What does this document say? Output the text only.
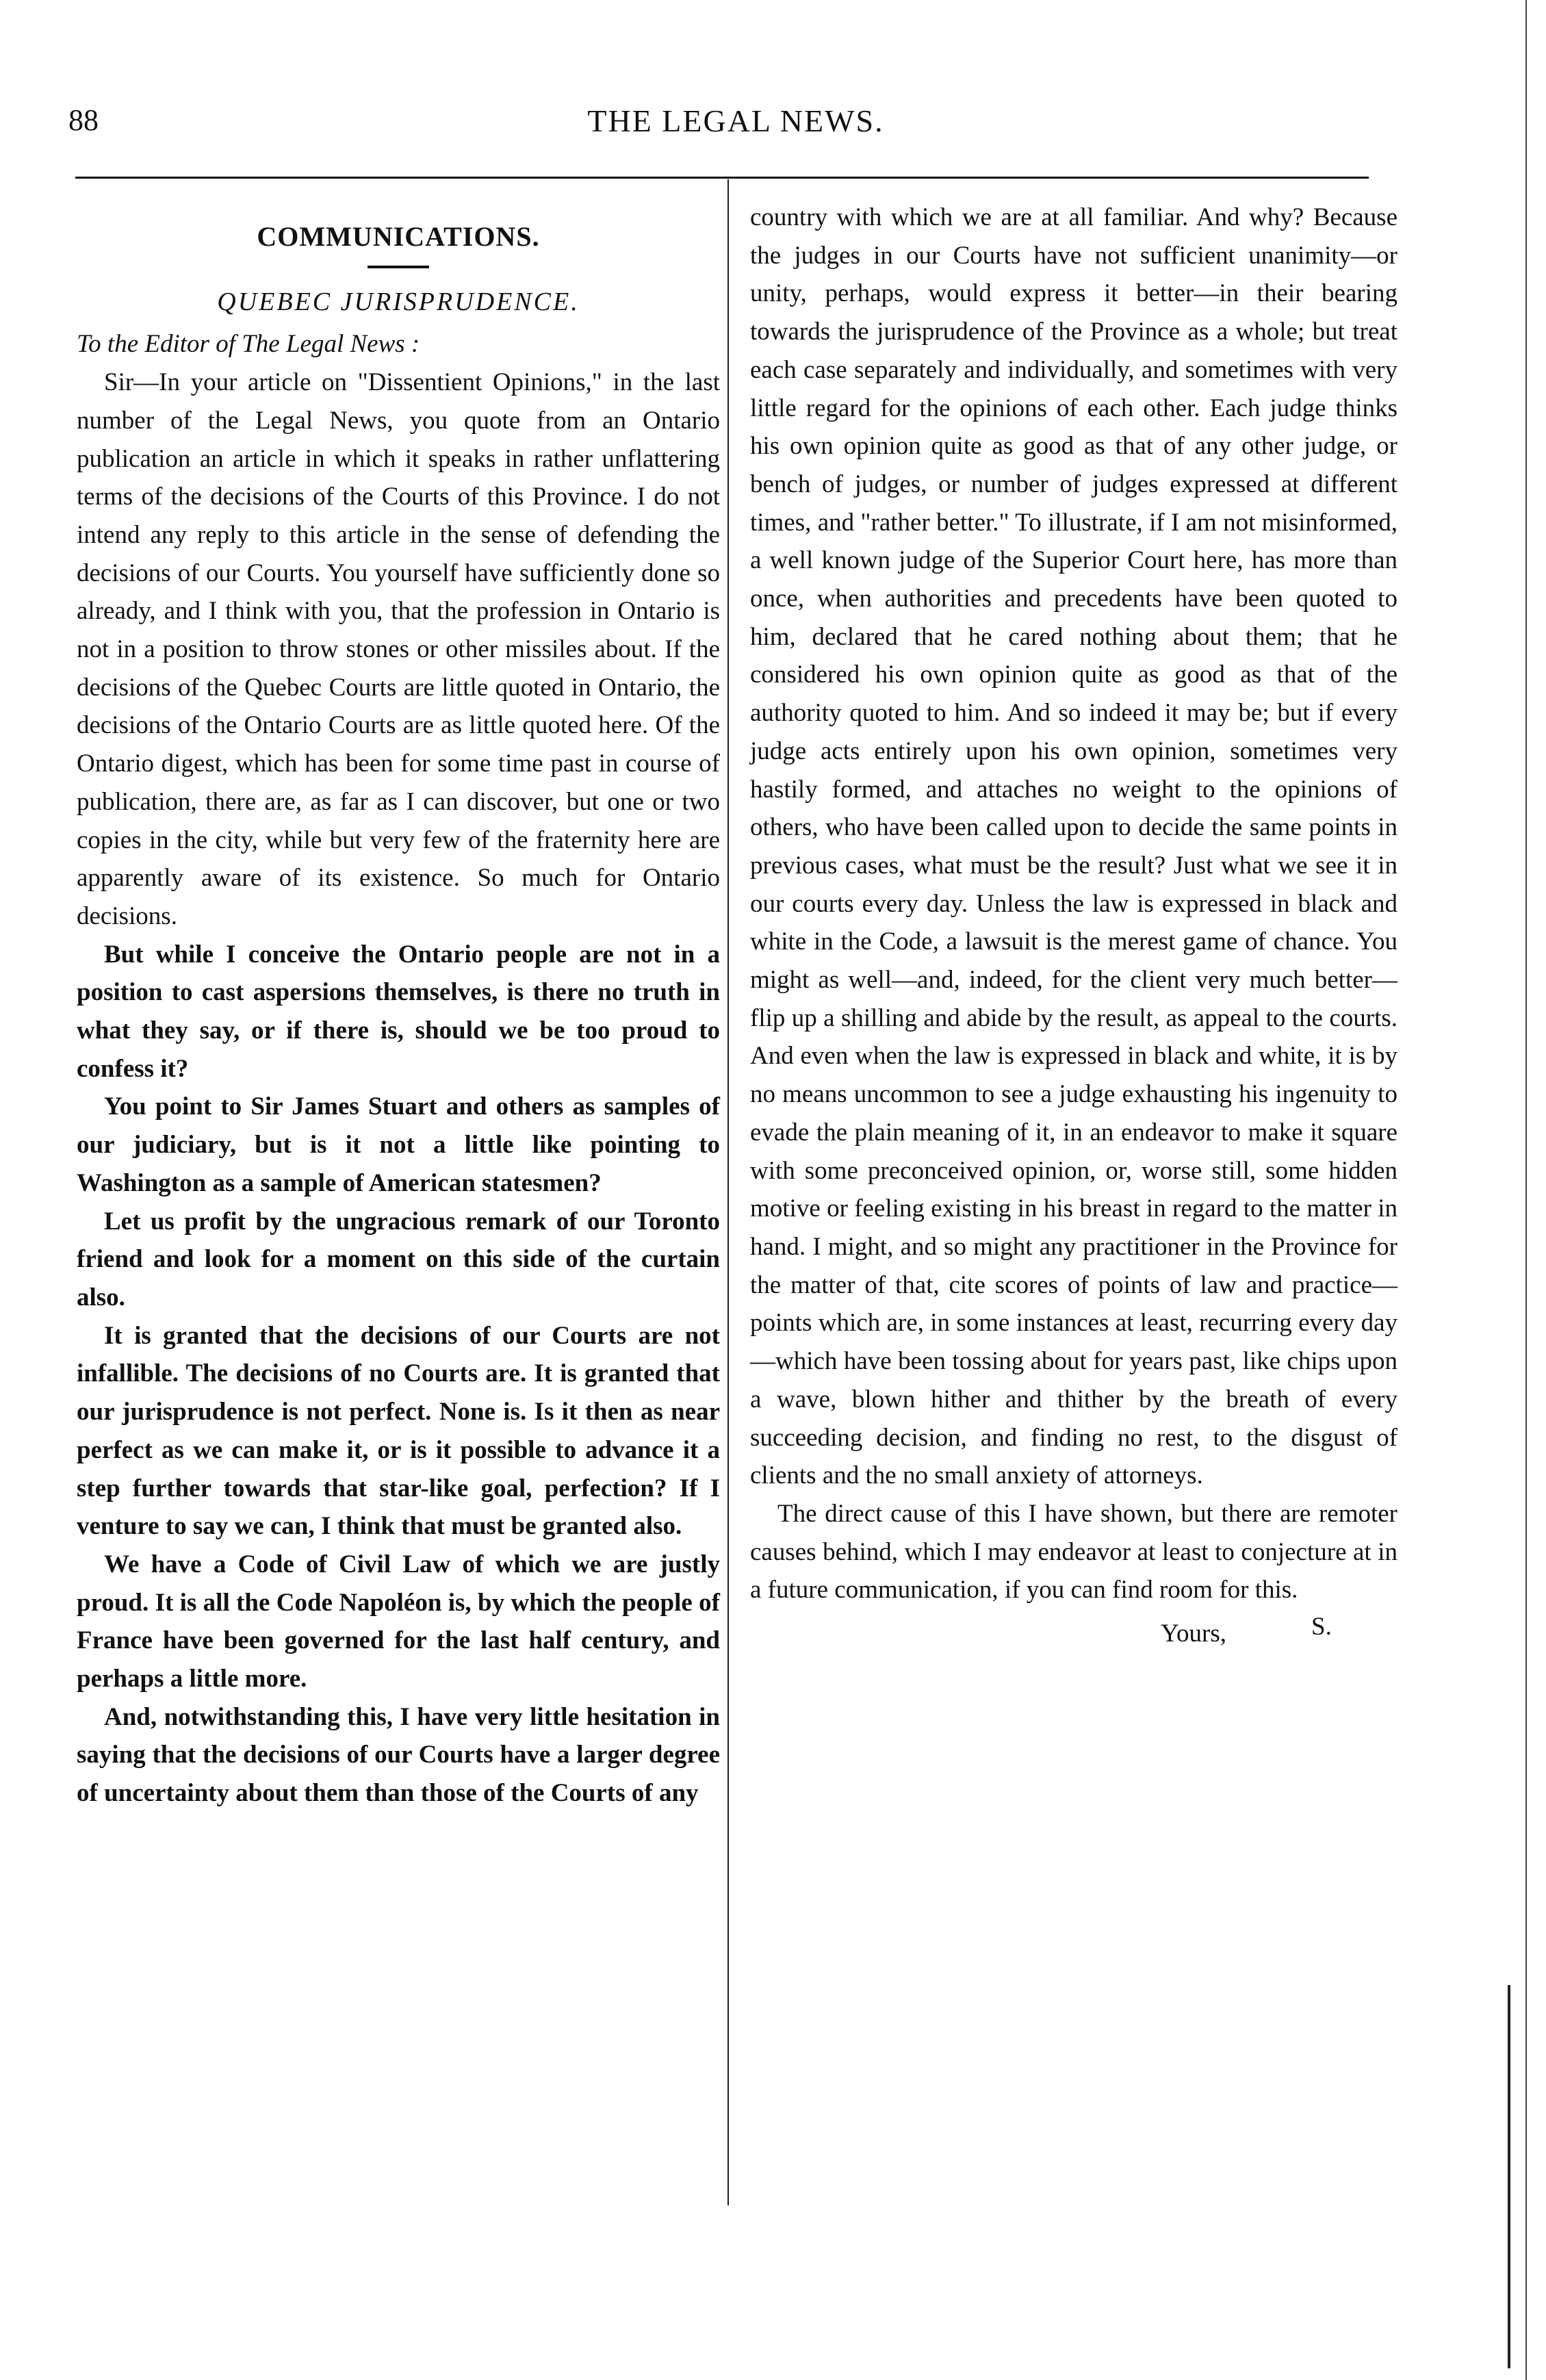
88	THE LEGAL NEWS.

COMMUNICATIONS.

QUEBEC JURISPRUDENCE.

To the Editor of The Legal News :

Sir—In your article on "Dissentient Opinions," in the last number of the Legal News, you quote from an Ontario publication an article in which it speaks in rather unflattering terms of the decisions of the Courts of this Province. I do not intend any reply to this article in the sense of defending the decisions of our Courts. You yourself have sufficiently done so already, and I think with you, that the profession in Ontario is not in a position to throw stones or other missiles about. If the decisions of the Quebec Courts are little quoted in Ontario, the decisions of the Ontario Courts are as little quoted here. Of the Ontario digest, which has been for some time past in course of publication, there are, as far as I can discover, but one or two copies in the city, while but very few of the fraternity here are apparently aware of its existence. So much for Ontario decisions.

But while I conceive the Ontario people are not in a position to cast aspersions themselves, is there no truth in what they say, or if there is, should we be too proud to confess it?

You point to Sir James Stuart and others as samples of our judiciary, but is it not a little like pointing to Washington as a sample of American statesmen?

Let us profit by the ungracious remark of our Toronto friend and look for a moment on this side of the curtain also.

It is granted that the decisions of our Courts are not infallible. The decisions of no Courts are. It is granted that our jurisprudence is not perfect. None is. Is it then as near perfect as we can make it, or is it possible to advance it a step further towards that star-like goal, perfection? If I venture to say we can, I think that must be granted also.

We have a Code of Civil Law of which we are justly proud. It is all the Code Napoléon is, by which the people of France have been governed for the last half century, and perhaps a little more.

And, notwithstanding this, I have very little hesitation in saying that the decisions of our Courts have a larger degree of uncertainty about them than those of the Courts of any

country with which we are at all familiar. And why? Because the judges in our Courts have not sufficient unanimity—or unity, perhaps, would express it better—in their bearing towards the jurisprudence of the Province as a whole; but treat each case separately and individually, and sometimes with very little regard for the opinions of each other. Each judge thinks his own opinion quite as good as that of any other judge, or bench of judges, or number of judges expressed at different times, and "rather better." To illustrate, if I am not misinformed, a well known judge of the Superior Court here, has more than once, when authorities and precedents have been quoted to him, declared that he cared nothing about them; that he considered his own opinion quite as good as that of the authority quoted to him. And so indeed it may be; but if every judge acts entirely upon his own opinion, sometimes very hastily formed, and attaches no weight to the opinions of others, who have been called upon to decide the same points in previous cases, what must be the result? Just what we see it in our courts every day. Unless the law is expressed in black and white in the Code, a lawsuit is the merest game of chance. You might as well—and, indeed, for the client very much better—flip up a shilling and abide by the result, as appeal to the courts. And even when the law is expressed in black and white, it is by no means uncommon to see a judge exhausting his ingenuity to evade the plain meaning of it, in an endeavor to make it square with some preconceived opinion, or, worse still, some hidden motive or feeling existing in his breast in regard to the matter in hand. I might, and so might any practitioner in the Province for the matter of that, cite scores of points of law and practice—points which are, in some instances at least, recurring every day—which have been tossing about for years past, like chips upon a wave, blown hither and thither by the breath of every succeeding decision, and finding no rest, to the disgust of clients and the no small anxiety of attorneys.

The direct cause of this I have shown, but there are remoter causes behind, which I may endeavor at least to conjecture at in a future communication, if you can find room for this.

Yours,	S.
